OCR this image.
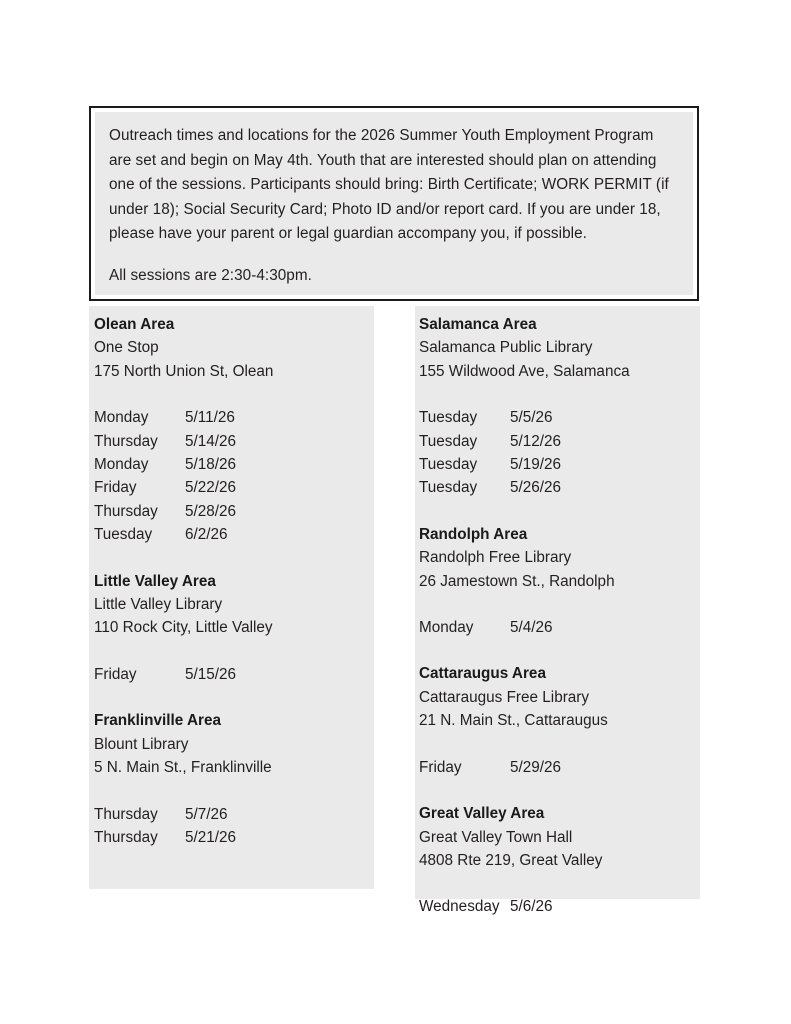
Outreach times and locations for the 2026 Summer Youth Employment Program are set and begin on May 4th. Youth that are interested should plan on attending one of the sessions. Participants should bring: Birth Certificate; WORK PERMIT (if under 18); Social Security Card; Photo ID and/or report card. If you are under 18, please have your parent or legal guardian accompany you, if possible.

All sessions are 2:30-4:30pm.

Olean Area
One Stop
175 North Union St, Olean
Monday 5/11/26
Thursday 5/14/26
Monday 5/18/26
Friday	5/22/26
Thursday 5/28/26
Tuesday 6/2/26
Little Valley Area
Little Valley Library
110 Rock City, Little Valley
Friday	5/15/26
Franklinville Area
Blount Library
5 N. Main St., Franklinville
Thursday 5/7/26
Thursday 5/21/26
Salamanca Area
Salamanca Public Library
155 Wildwood Ave, Salamanca
Tuesday 5/5/26
Tuesday 5/12/26
Tuesday 5/19/26
Tuesday 5/26/26
Randolph Area
Randolph Free Library
26 Jamestown St., Randolph
Monday 5/4/26
Cattaraugus Area
Cattaraugus Free Library
21 N. Main St., Cattaraugus
Friday	5/29/26
Great Valley Area
Great Valley Town Hall
4808 Rte 219, Great Valley
Wednesday 5/6/26
